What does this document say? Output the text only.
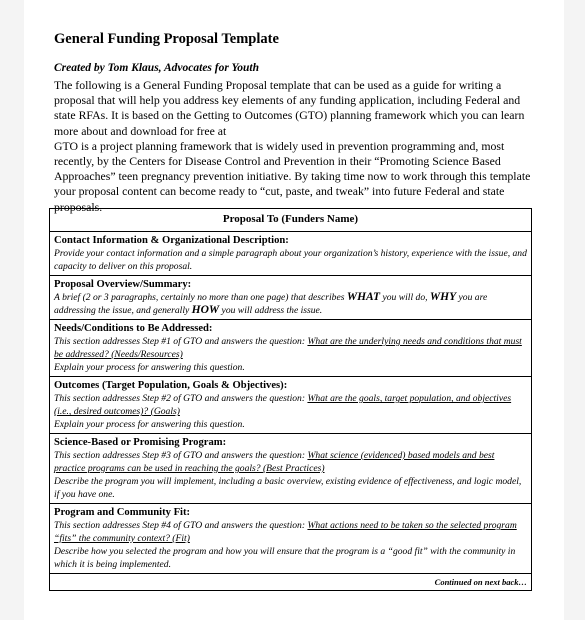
General Funding Proposal Template
Created by Tom Klaus, Advocates for Youth

The following is a General Funding Proposal template that can be used as a guide for writing a proposal that will help you address key elements of any funding application, including Federal and state RFAs. It is based on the Getting to Outcomes (GTO) planning framework which you can learn more about and download for free at

GTO is a project planning framework that is widely used in prevention programming and, most recently, by the Centers for Disease Control and Prevention in their “Promoting Science Based Approaches” teen pregnancy prevention initiative. By taking time now to work through this template your proposal content can become ready to “cut, paste, and tweak” into future Federal and state proposals.

Proposal To (Funders Name)

Contact Information & Organizational Description:
Provide your contact information and a simple paragraph about your organization’s history, experience with the issue, and capacity to deliver on this proposal.

Proposal Overview/Summary:
A brief (2 or 3 paragraphs, certainly no more than one page) that describes WHAT you will do, WHY you are addressing the issue, and generally HOW you will address the issue.

Needs/Conditions to Be Addressed:
This section addresses Step #1 of GTO and answers the question: What are the underlying needs and conditions that must be addressed? (Needs/Resources)
Explain your process for answering this question.

Outcomes (Target Population, Goals & Objectives):
This section addresses Step #2 of GTO and answers the question: What are the goals, target population, and objectives (i.e., desired outcomes)? (Goals)
Explain your process for answering this question.

Science-Based or Promising Program:
This section addresses Step #3 of GTO and answers the question: What science (evidenced) based models and best practice programs can be used in reaching the goals? (Best Practices)
Describe the program you will implement, including a basic overview, existing evidence of effectiveness, and logic model, if you have one.

Program and Community Fit:
This section addresses Step #4 of GTO and answers the question: What actions need to be taken so the selected program “fits” the community context? (Fit)
Describe how you selected the program and how you will ensure that the program is a “good fit” with the community in which it is being implemented.

Continued on next back…
